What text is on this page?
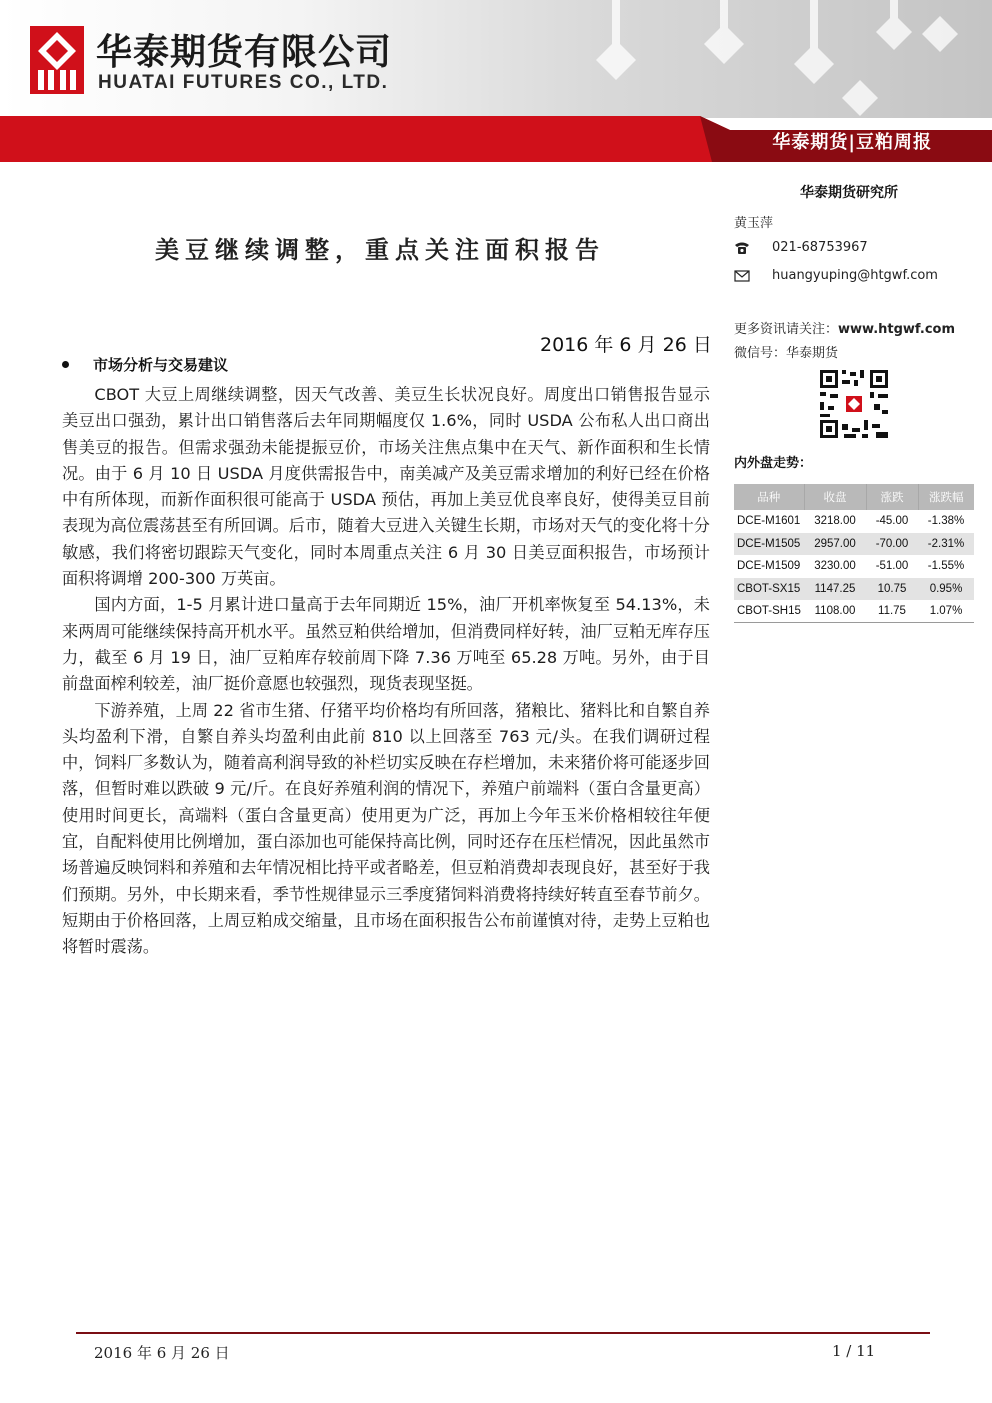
华泰期货有限公司
HUATAI FUTURES CO., LTD.
华泰期货|豆粕周报
美豆继续调整，重点关注面积报告
2016 年 6 月 26 日
华泰期货研究所
黄玉萍
021-68753967
huangyuping@htgwf.com
更多资讯请关注：www.htgwf.com
微信号：华泰期货
内外盘走势：
品种	收盘	涨跌	涨跌幅
DCE-M1601	3218.00	-45.00	-1.38%
DCE-M1505	2957.00	-70.00	-2.31%
DCE-M1509	3230.00	-51.00	-1.55%
CBOT-SX15	1147.25	10.75	0.95%
CBOT-SH15	1108.00	11.75	1.07%
市场分析与交易建议

CBOT 大豆上周继续调整，因天气改善、美豆生长状况良好。周度出口销售报告显示美豆出口强劲，累计出口销售落后去年同期幅度仅 1.6%，同时 USDA 公布私人出口商出售美豆的报告。但需求强劲未能提振豆价，市场关注焦点集中在天气、新作面积和生长情况。由于 6 月 10 日 USDA 月度供需报告中，南美减产及美豆需求增加的利好已经在价格中有所体现，而新作面积很可能高于 USDA 预估，再加上美豆优良率良好，使得美豆目前表现为高位震荡甚至有所回调。后市，随着大豆进入关键生长期，市场对天气的变化将十分敏感，我们将密切跟踪天气变化，同时本周重点关注 6 月 30 日美豆面积报告，市场预计面积将调增 200-300 万英亩。

国内方面，1-5 月累计进口量高于去年同期近 15%，油厂开机率恢复至 54.13%，未来两周可能继续保持高开机水平。虽然豆粕供给增加，但消费同样好转，油厂豆粕无库存压力，截至 6 月 19 日，油厂豆粕库存较前周下降 7.36 万吨至 65.28 万吨。另外，由于目前盘面榨利较差，油厂挺价意愿也较强烈，现货表现坚挺。

下游养殖，上周 22 省市生猪、仔猪平均价格均有所回落，猪粮比、猪料比和自繁自养头均盈利下滑，自繁自养头均盈利由此前 810 以上回落至 763 元/头。在我们调研过程中，饲料厂多数认为，随着高利润导致的补栏切实反映在存栏增加，未来猪价将可能逐步回落，但暂时难以跌破 9 元/斤。在良好养殖利润的情况下，养殖户前端料（蛋白含量更高）使用时间更长，高端料（蛋白含量更高）使用更为广泛，再加上今年玉米价格相较往年便宜，自配料使用比例增加，蛋白添加也可能保持高比例，同时还存在压栏情况，因此虽然市场普遍反映饲料和养殖和去年情况相比持平或者略差，但豆粕消费却表现良好，甚至好于我们预期。另外，中长期来看，季节性规律显示三季度猪饲料消费将持续好转直至春节前夕。短期由于价格回落，上周豆粕成交缩量，且市场在面积报告公布前谨慎对待，走势上豆粕也将暂时震荡。

2016 年 6 月 26 日	1 / 11
